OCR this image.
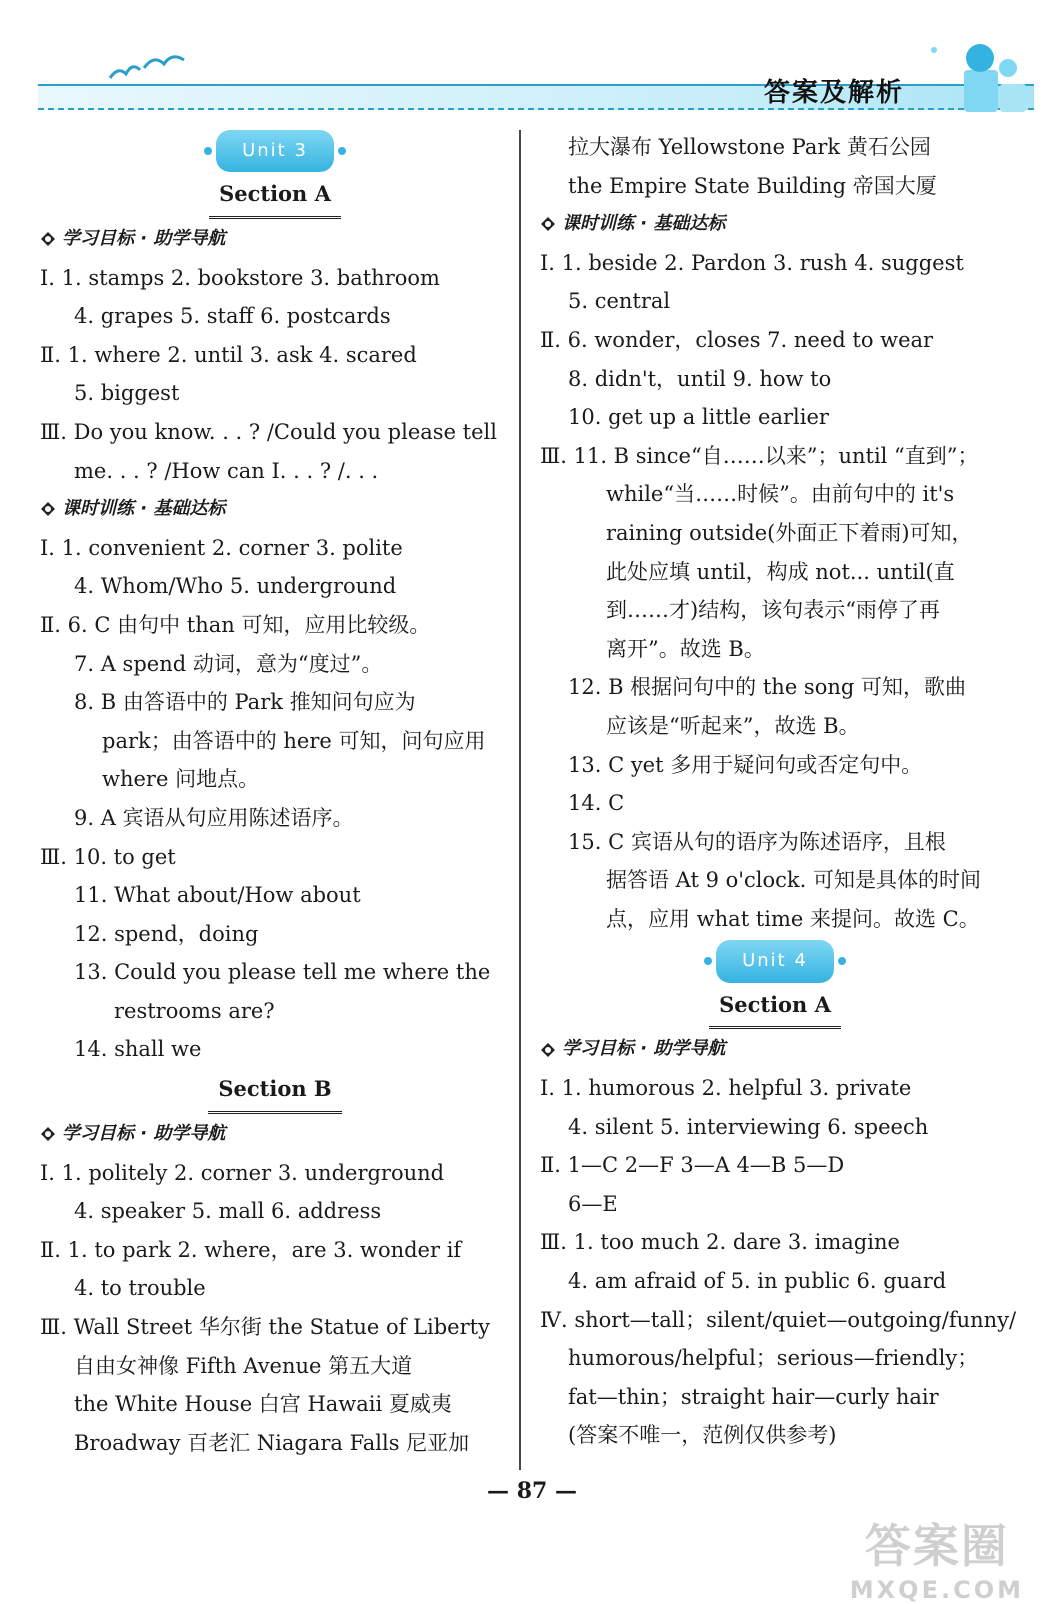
答案及解析
Unit 3
Section A
学习目标 · 助学导航
Ⅰ. 1. stamps 2. bookstore 3. bathroom
4. grapes 5. staff 6. postcards
Ⅱ. 1. where 2. until 3. ask 4. scared
5. biggest
Ⅲ. Do you know. . . ? /Could you please tell
me. . . ? /How can I. . . ? /. . .
课时训练 · 基础达标
Ⅰ. 1. convenient 2. corner 3. polite
4. Whom/Who 5. underground
Ⅱ. 6. C 由句中 than 可知，应用比较级。
7. A spend 动词，意为“度过”。
8. B 由答语中的 Park 推知问句应为
park；由答语中的 here 可知，问句应用
where 问地点。
9. A 宾语从句应用陈述语序。
Ⅲ. 10. to get
11. What about/How about
12. spend，doing
13. Could you please tell me where the
restrooms are?
14. shall we
Section B
学习目标 · 助学导航
Ⅰ. 1. politely 2. corner 3. underground
4. speaker 5. mall 6. address
Ⅱ. 1. to park 2. where，are 3. wonder if
4. to trouble
Ⅲ. Wall Street 华尔街 the Statue of Liberty
自由女神像 Fifth Avenue 第五大道
the White House 白宫 Hawaii 夏威夷
Broadway 百老汇 Niagara Falls 尼亚加
拉大瀑布 Yellowstone Park 黄石公园
the Empire State Building 帝国大厦
课时训练 · 基础达标
Ⅰ. 1. beside 2. Pardon 3. rush 4. suggest
5. central
Ⅱ. 6. wonder，closes 7. need to wear
8. didn't，until 9. how to
10. get up a little earlier
Ⅲ. 11. B since“自……以来”；until “直到”；
while“当……时候”。由前句中的 it's
raining outside(外面正下着雨)可知，
此处应填 until，构成 not... until(直
到……才)结构，该句表示“雨停了再
离开”。故选 B。
12. B 根据问句中的 the song 可知，歌曲
应该是“听起来”，故选 B。
13. C yet 多用于疑问句或否定句中。
14. C
15. C 宾语从句的语序为陈述语序，且根
据答语 At 9 o'clock. 可知是具体的时间
点，应用 what time 来提问。故选 C。
Unit 4
Section A
学习目标 · 助学导航
Ⅰ. 1. humorous 2. helpful 3. private
4. silent 5. interviewing 6. speech
Ⅱ. 1—C 2—F 3—A 4—B 5—D
6—E
Ⅲ. 1. too much 2. dare 3. imagine
4. am afraid of 5. in public 6. guard
Ⅳ. short—tall；silent/quiet—outgoing/funny/
humorous/helpful；serious—friendly；
fat—thin；straight hair—curly hair
(答案不唯一，范例仅供参考)
— 87 —
答案圈
MXQE.COM
